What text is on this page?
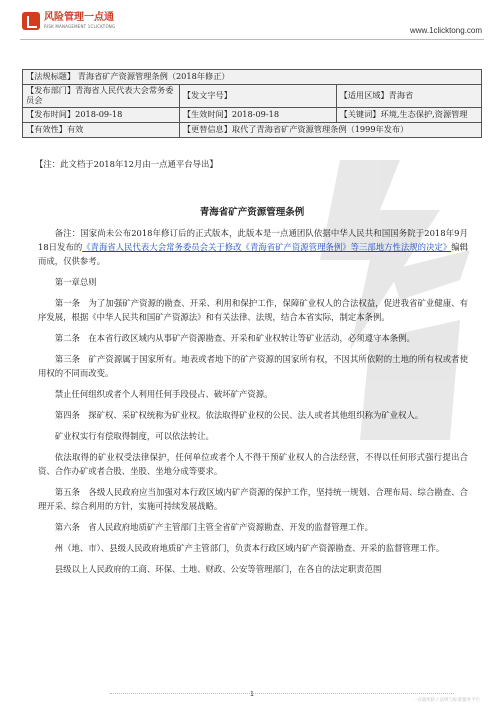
风险管理一点通
RISK MANAGEMENT 1CLICKTONG	www.1clicktong.com
【法规标题】 青海省矿产资源管理条例（2018年修正）		
【发布部门】青海省人民代表大会常务委员会	【发文字号】	【适用区域】青海省
【发布时间】2018-09-18	【生效时间】2018-09-18	【关键词】环境,生态保护,资源管理
【有效性】有效	【更替信息】取代了青海省矿产资源管理条例（1999年发布）	
【注：此文档于2018年12月由一点通平台导出】
青海省矿产资源管理条例

备注：国家尚未公布2018年修订后的正式版本，此版本是一点通团队依据中华人民共和国国务院于2018年9月18日发布的《青海省人民代表大会常务委员会关于修改《青海省矿产资源管理条例》等三部地方性法规的决定》编辑而成，仅供参考。

第一章总则

第一条　为了加强矿产资源的勘查、开采、利用和保护工作，保障矿业权人的合法权益，促进我省矿业健康、有序发展，根据《中华人民共和国矿产资源法》和有关法律、法规，结合本省实际，制定本条例。

第二条　在本省行政区域内从事矿产资源勘查、开采和矿业权转让等矿业活动，必须遵守本条例。

第三条　矿产资源属于国家所有。地表或者地下的矿产资源的国家所有权，不因其所依附的土地的所有权或者使用权的不同而改变。

禁止任何组织或者个人利用任何手段侵占、破坏矿产资源。

第四条　探矿权、采矿权统称为矿业权。依法取得矿业权的公民、法人或者其他组织称为矿业权人。

矿业权实行有偿取得制度，可以依法转让。

依法取得的矿业权受法律保护，任何单位或者个人不得干预矿业权人的合法经营，不得以任何形式强行提出合资、合作办矿或者合股、坐股、坐地分成等要求。

第五条　各级人民政府应当加强对本行政区域内矿产资源的保护工作，坚持统一规划、合理布局、综合勘查、合理开采、综合利用的方针，实施可持续发展战略。

第六条　省人民政府地质矿产主管部门主管全省矿产资源勘查、开发的监督管理工作。

州（地、市）、县级人民政府地质矿产主管部门，负责本行政区域内矿产资源勘查、开采的监督管理工作。

县级以上人民政府的工商、环保、土地、财政、公安等管理部门，在各自的法定职责范围

1
一点通风险 / 法规与标准服务平台
